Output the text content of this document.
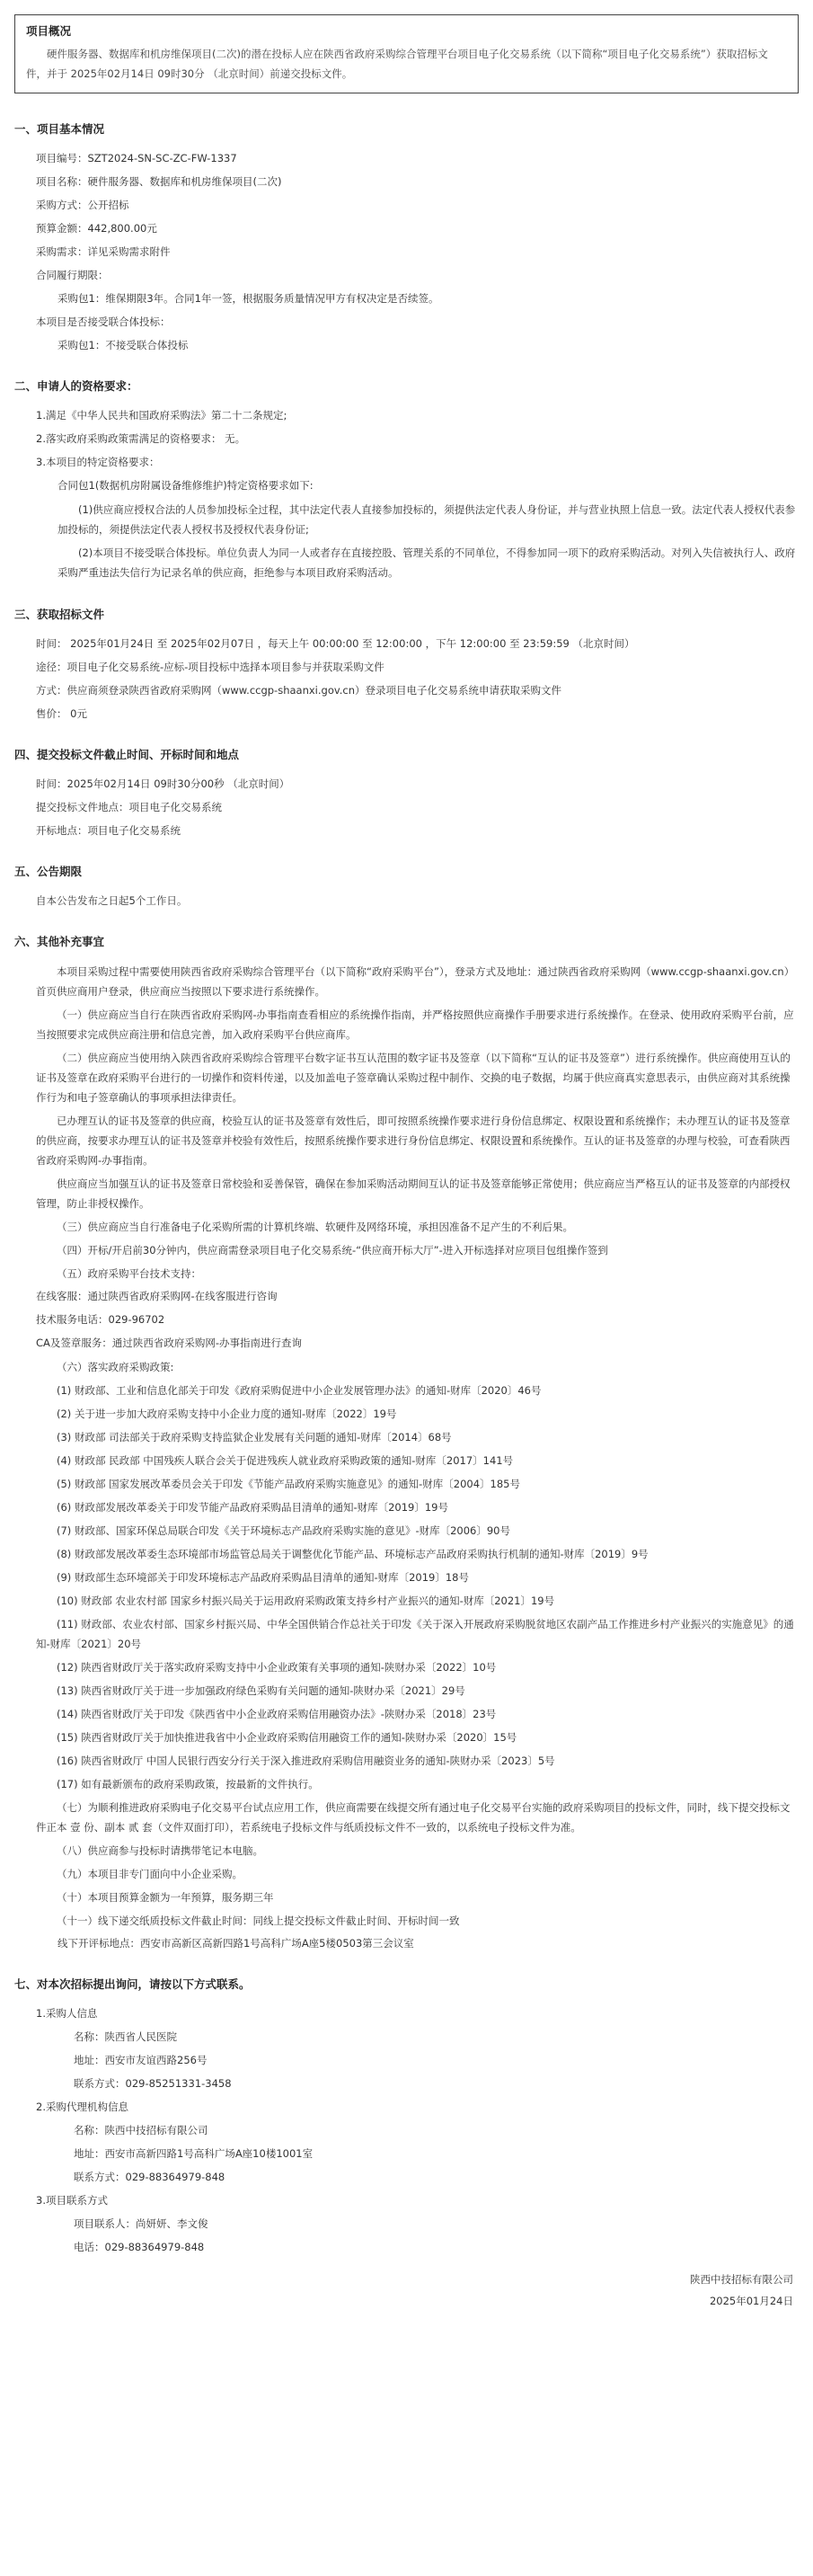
项目概况
硬件服务器、数据库和机房维保项目(二次)的潜在投标人应在陕西省政府采购综合管理平台项目电子化交易系统（以下简称“项目电子化交易系统”）获取招标文件，并于 2025年02月14日 09时30分 （北京时间）前递交投标文件。
一、项目基本情况
项目编号：SZT2024-SN-SC-ZC-FW-1337
项目名称：硬件服务器、数据库和机房维保项目(二次)
采购方式：公开招标
预算金额：442,800.00元
采购需求：详见采购需求附件
合同履行期限：
采购包1：维保期限3年。合同1年一签，根据服务质量情况甲方有权决定是否续签。
本项目是否接受联合体投标：
采购包1：不接受联合体投标
二、申请人的资格要求：
1.满足《中华人民共和国政府采购法》第二十二条规定;
2.落实政府采购政策需满足的资格要求： 无。
3.本项目的特定资格要求：
合同包1(数据机房附属设备维修维护)特定资格要求如下:
(1)供应商应授权合法的人员参加投标全过程，其中法定代表人直接参加投标的，须提供法定代表人身份证，并与营业执照上信息一致。法定代表人授权代表参加投标的，须提供法定代表人授权书及授权代表身份证;
(2)本项目不接受联合体投标。单位负责人为同一人或者存在直接控股、管理关系的不同单位，不得参加同一项下的政府采购活动。对列入失信被执行人、政府采购严重违法失信行为记录名单的供应商，拒绝参与本项目政府采购活动。
三、获取招标文件
时间： 2025年01月24日 至 2025年02月07日 ，每天上午 00:00:00 至 12:00:00 ，下午 12:00:00 至 23:59:59 （北京时间）
途径：项目电子化交易系统-应标-项目投标中选择本项目参与并获取采购文件
方式：供应商须登录陕西省政府采购网（www.ccgp-shaanxi.gov.cn）登录项目电子化交易系统申请获取采购文件
售价： 0元
四、提交投标文件截止时间、开标时间和地点
时间：2025年02月14日 09时30分00秒 （北京时间）
提交投标文件地点：项目电子化交易系统
开标地点：项目电子化交易系统
五、公告期限
自本公告发布之日起5个工作日。
六、其他补充事宜
本项目采购过程中需要使用陕西省政府采购综合管理平台（以下简称“政府采购平台”），登录方式及地址：通过陕西省政府采购网（www.ccgp-shaanxi.gov.cn）首页供应商用户登录，供应商应当按照以下要求进行系统操作。
（一）供应商应当自行在陕西省政府采购网-办事指南查看相应的系统操作指南，并严格按照供应商操作手册要求进行系统操作。在登录、使用政府采购平台前，应当按照要求完成供应商注册和信息完善，加入政府采购平台供应商库。
（二）供应商应当使用纳入陕西省政府采购综合管理平台数字证书互认范围的数字证书及签章（以下简称“互认的证书及签章”）进行系统操作。供应商使用互认的证书及签章在政府采购平台进行的一切操作和资料传递，以及加盖电子签章确认采购过程中制作、交换的电子数据，均属于供应商真实意思表示，由供应商对其系统操作行为和电子签章确认的事项承担法律责任。
已办理互认的证书及签章的供应商，校验互认的证书及签章有效性后，即可按照系统操作要求进行身份信息绑定、权限设置和系统操作；未办理互认的证书及签章的供应商，按要求办理互认的证书及签章并校验有效性后，按照系统操作要求进行身份信息绑定、权限设置和系统操作。互认的证书及签章的办理与校验，可查看陕西省政府采购网-办事指南。
供应商应当加强互认的证书及签章日常校验和妥善保管，确保在参加采购活动期间互认的证书及签章能够正常使用；供应商应当严格互认的证书及签章的内部授权管理，防止非授权操作。
（三）供应商应当自行准备电子化采购所需的计算机终端、软硬件及网络环境，承担因准备不足产生的不利后果。
（四）开标/开启前30分钟内，供应商需登录项目电子化交易系统-“供应商开标大厅”-进入开标选择对应项目包组操作签到
（五）政府采购平台技术支持：
在线客服：通过陕西省政府采购网-在线客服进行咨询
技术服务电话：029-96702
CA及签章服务：通过陕西省政府采购网-办事指南进行查询
（六）落实政府采购政策:
(1) 财政部、工业和信息化部关于印发《政府采购促进中小企业发展管理办法》的通知-财库〔2020〕46号
(2) 关于进一步加大政府采购支持中小企业力度的通知-财库〔2022〕19号
(3) 财政部 司法部关于政府采购支持监狱企业发展有关问题的通知-财库〔2014〕68号
(4) 财政部 民政部 中国残疾人联合会关于促进残疾人就业政府采购政策的通知-财库〔2017〕141号
(5) 财政部 国家发展改革委员会关于印发《节能产品政府采购实施意见》的通知-财库〔2004〕185号
(6) 财政部发展改革委关于印发节能产品政府采购品目清单的通知-财库〔2019〕19号
(7) 财政部、国家环保总局联合印发《关于环境标志产品政府采购实施的意见》-财库〔2006〕90号
(8) 财政部发展改革委生态环境部市场监管总局关于调整优化节能产品、环境标志产品政府采购执行机制的通知-财库〔2019〕9号
(9) 财政部生态环境部关于印发环境标志产品政府采购品目清单的通知-财库〔2019〕18号
(10) 财政部 农业农村部 国家乡村振兴局关于运用政府采购政策支持乡村产业振兴的通知-财库〔2021〕19号
(11) 财政部、农业农村部、国家乡村振兴局、中华全国供销合作总社关于印发《关于深入开展政府采购脱贫地区农副产品工作推进乡村产业振兴的实施意见》的通知-财库〔2021〕20号
(12) 陕西省财政厅关于落实政府采购支持中小企业政策有关事项的通知-陕财办采〔2022〕10号
(13) 陕西省财政厅关于进一步加强政府绿色采购有关问题的通知-陕财办采〔2021〕29号
(14) 陕西省财政厅关于印发《陕西省中小企业政府采购信用融资办法》-陕财办采〔2018〕23号
(15) 陕西省财政厅关于加快推进我省中小企业政府采购信用融资工作的通知-陕财办采〔2020〕15号
(16) 陕西省财政厅 中国人民银行西安分行关于深入推进政府采购信用融资业务的通知-陕财办采〔2023〕5号
(17) 如有最新颁布的政府采购政策，按最新的文件执行。
（七）为顺利推进政府采购电子化交易平台试点应用工作，供应商需要在线提交所有通过电子化交易平台实施的政府采购项目的投标文件，同时，线下提交投标文件正本 壹 份、副本 贰 套（文件双面打印），若系统电子投标文件与纸质投标文件不一致的，以系统电子投标文件为准。
（八）供应商参与投标时请携带笔记本电脑。
（九）本项目非专门面向中小企业采购。
（十）本项目预算金额为一年预算，服务期三年
（十一）线下递交纸质投标文件截止时间：同线上提交投标文件截止时间、开标时间一致
线下开评标地点：西安市高新区高新四路1号高科广场A座5楼0503第三会议室
七、对本次招标提出询问，请按以下方式联系。
1.采购人信息
名称：陕西省人民医院
地址：西安市友谊西路256号
联系方式：029-85251331-3458
2.采购代理机构信息
名称：陕西中技招标有限公司
地址：西安市高新四路1号高科广场A座10楼1001室
联系方式：029-88364979-848
3.项目联系方式
项目联系人：尚妍妍、李文俊
电话：029-88364979-848
陕西中技招标有限公司
2025年01月24日
